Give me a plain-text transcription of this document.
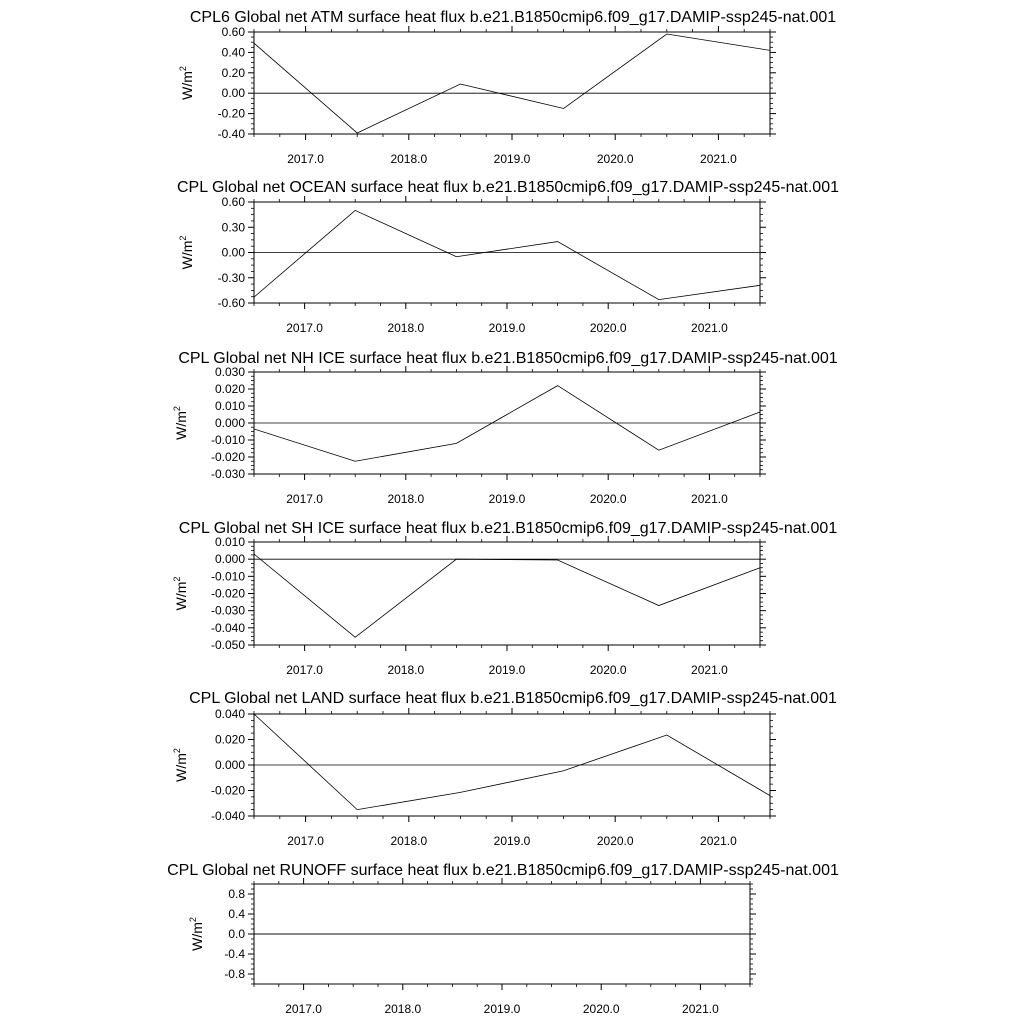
CPL6 Global net ATM surface heat flux b.e21.B1850cmip6.f09_g17.DAMIP-ssp245-nat.001
2017.0	2018.0	2019.0	2020.0	2021.0
-0.40
-0.20
0.00
0.20
0.40
0.60
$W/m^2$
CPL Global net OCEAN surface heat flux b.e21.B1850cmip6.f09_g17.DAMIP-ssp245-nat.001
2017.0	2018.0	2019.0	2020.0	2021.0
-0.60
-0.30
0.00
0.30
0.60
$W/m^2$
CPL Global net NH ICE surface heat flux b.e21.B1850cmip6.f09_g17.DAMIP-ssp245-nat.001
2017.0	2018.0	2019.0	2020.0	2021.0
-0.030
-0.020
-0.010
0.000
0.010
0.020
0.030
$W/m^2$
CPL Global net SH ICE surface heat flux b.e21.B1850cmip6.f09_g17.DAMIP-ssp245-nat.001
2017.0	2018.0	2019.0	2020.0	2021.0
-0.050
-0.040
-0.030
-0.020
-0.010
0.000
0.010
$W/m^2$
CPL Global net LAND surface heat flux b.e21.B1850cmip6.f09_g17.DAMIP-ssp245-nat.001
2017.0	2018.0	2019.0	2020.0	2021.0
-0.040
-0.020
0.000
0.020
0.040
$W/m^2$
CPL Global net RUNOFF surface heat flux b.e21.B1850cmip6.f09_g17.DAMIP-ssp245-nat.001
2017.0	2018.0	2019.0	2020.0	2021.0
-0.8
-0.4
0.0
0.4
0.8
$W/m^2$
